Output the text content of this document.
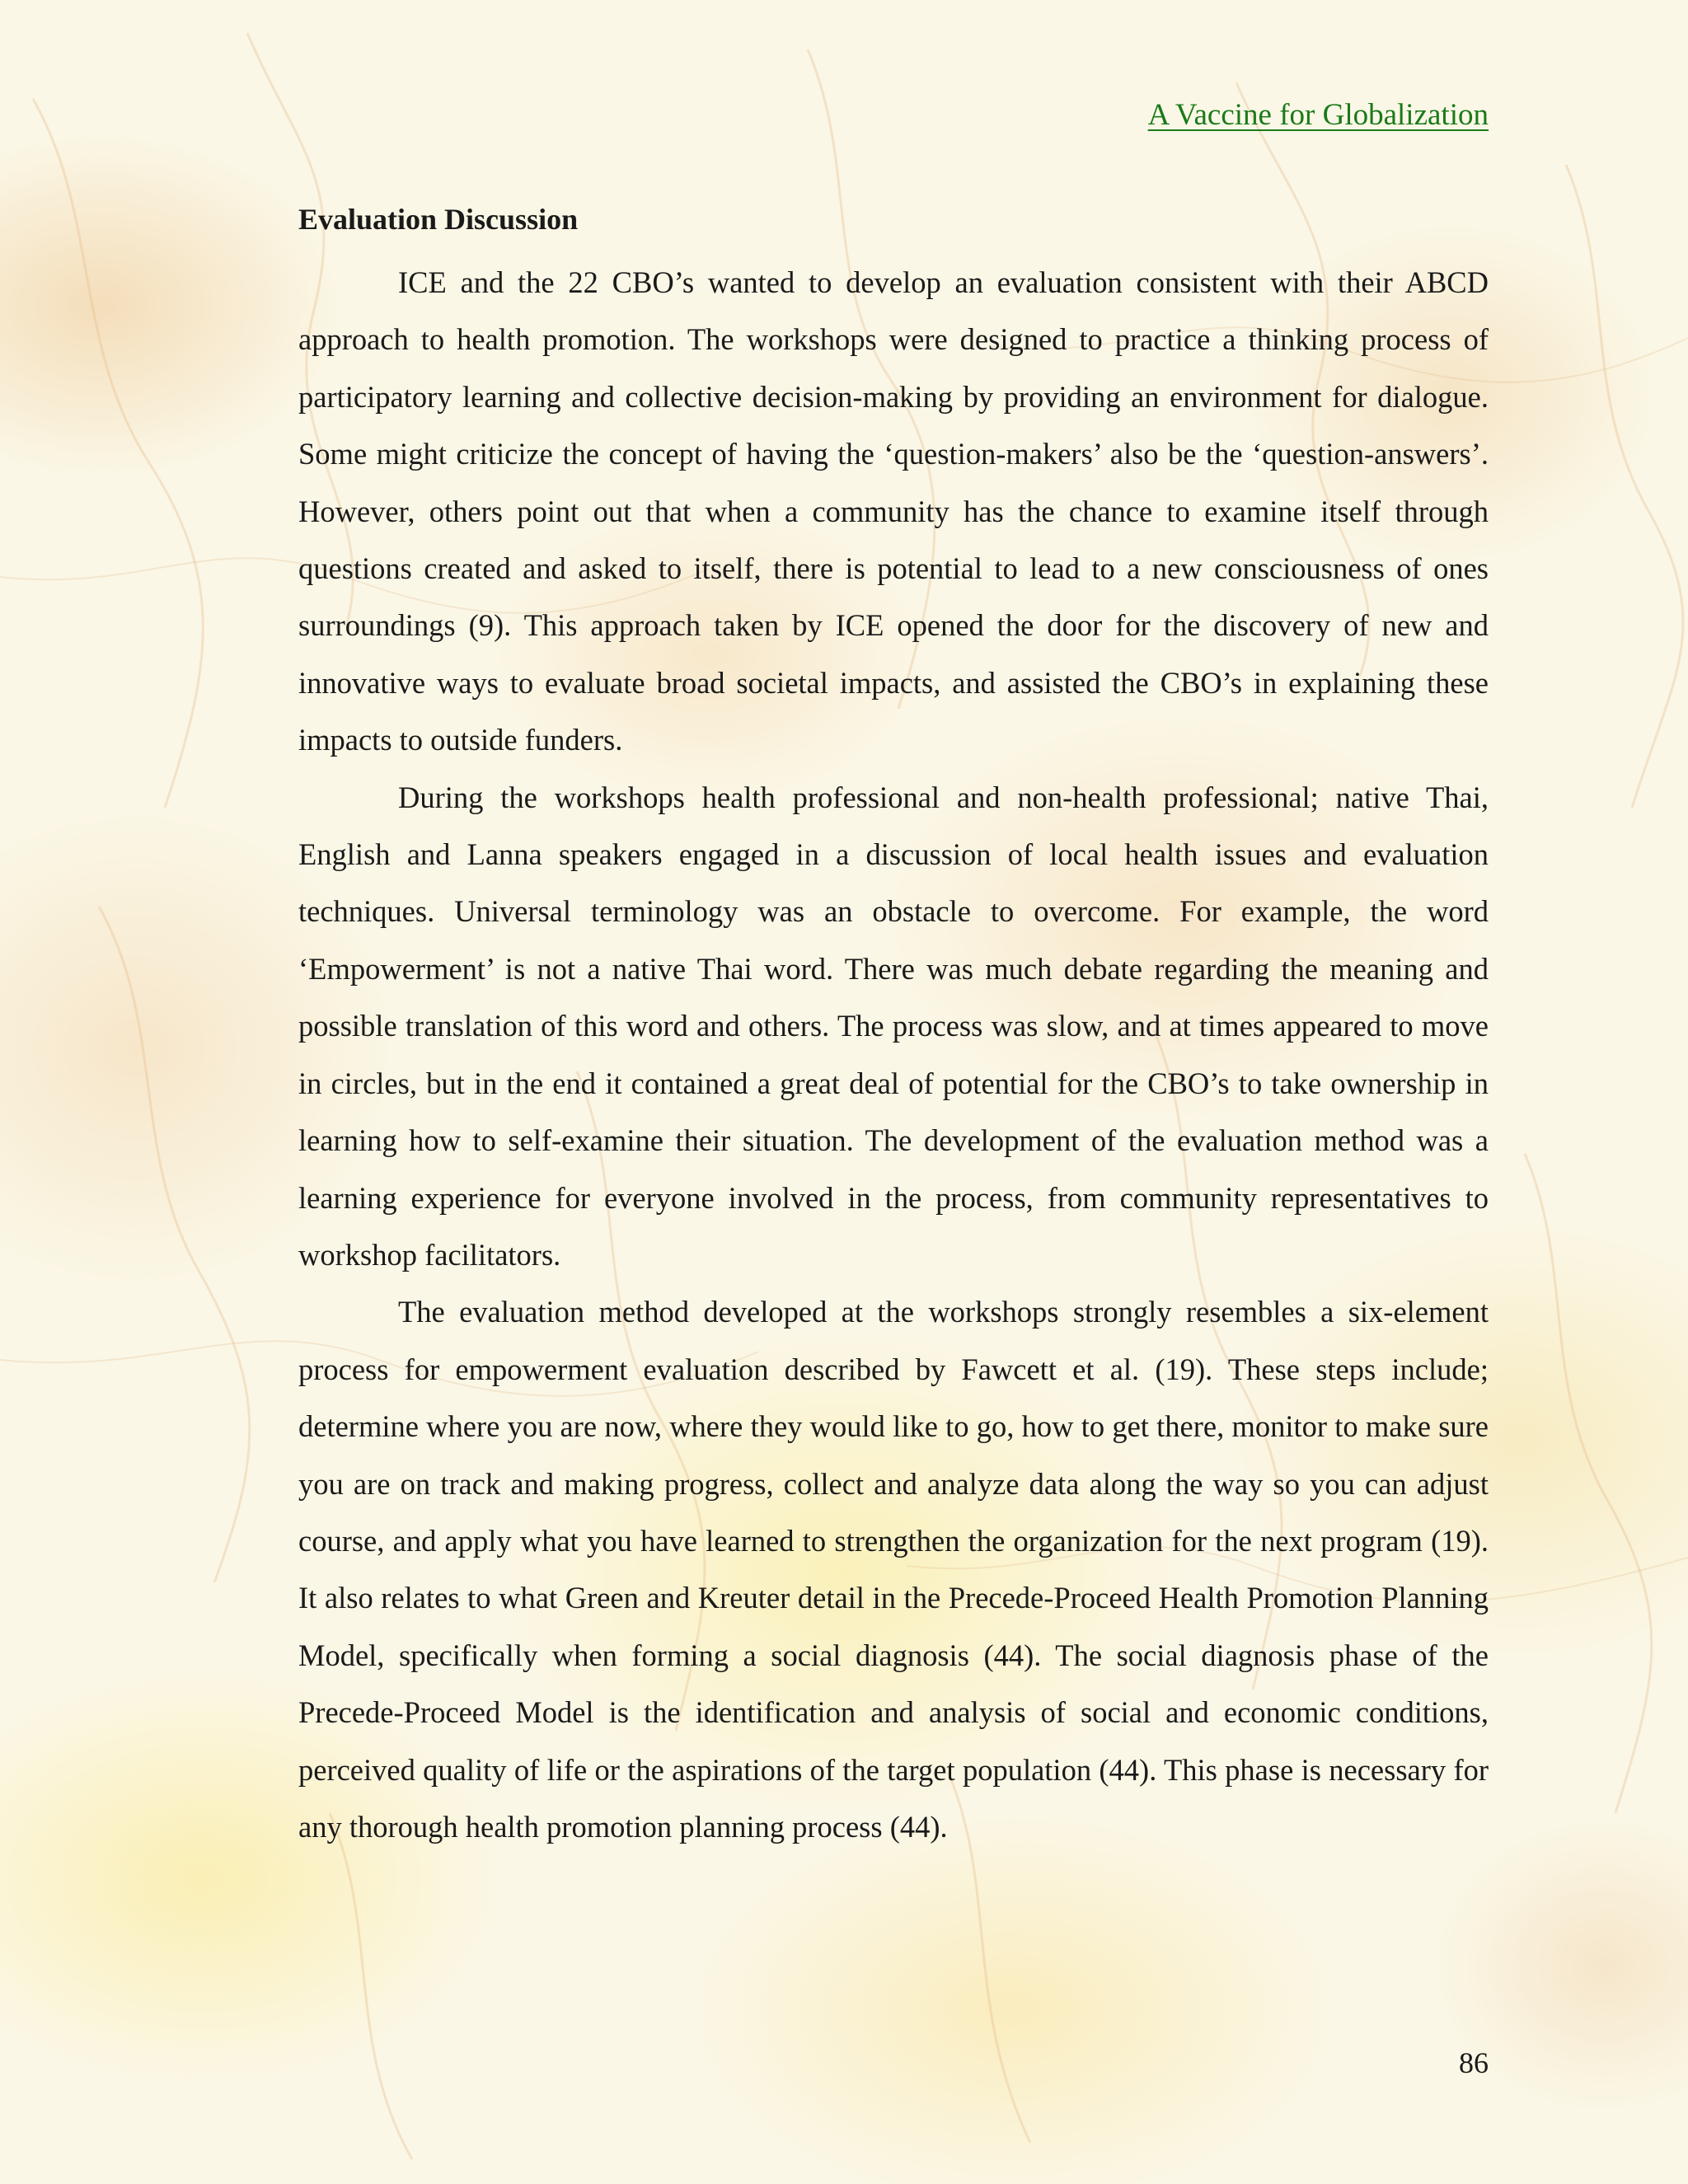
A Vaccine for Globalization
Evaluation Discussion

ICE and the 22 CBO’s wanted to develop an evaluation consistent with their ABCD approach to health promotion. The workshops were designed to practice a thinking process of participatory learning and collective decision-making by providing an environment for dialogue. Some might criticize the concept of having the ‘question-makers’ also be the ‘question-answers’. However, others point out that when a community has the chance to examine itself through questions created and asked to itself, there is potential to lead to a new consciousness of ones surroundings (9). This approach taken by ICE opened the door for the discovery of new and innovative ways to evaluate broad societal impacts, and assisted the CBO’s in explaining these impacts to outside funders.

During the workshops health professional and non-health professional; native Thai, English and Lanna speakers engaged in a discussion of local health issues and evaluation techniques. Universal terminology was an obstacle to overcome. For example, the word ‘Empowerment’ is not a native Thai word. There was much debate regarding the meaning and possible translation of this word and others. The process was slow, and at times appeared to move in circles, but in the end it contained a great deal of potential for the CBO’s to take ownership in learning how to self-examine their situation. The development of the evaluation method was a learning experience for everyone involved in the process, from community representatives to workshop facilitators.

The evaluation method developed at the workshops strongly resembles a six-element process for empowerment evaluation described by Fawcett et al. (19). These steps include; determine where you are now, where they would like to go, how to get there, monitor to make sure you are on track and making progress, collect and analyze data along the way so you can adjust course, and apply what you have learned to strengthen the organization for the next program (19). It also relates to what Green and Kreuter detail in the Precede-Proceed Health Promotion Planning Model, specifically when forming a social diagnosis (44). The social diagnosis phase of the Precede-Proceed Model is the identification and analysis of social and economic conditions, perceived quality of life or the aspirations of the target population (44). This phase is necessary for any thorough health promotion planning process (44).

86
